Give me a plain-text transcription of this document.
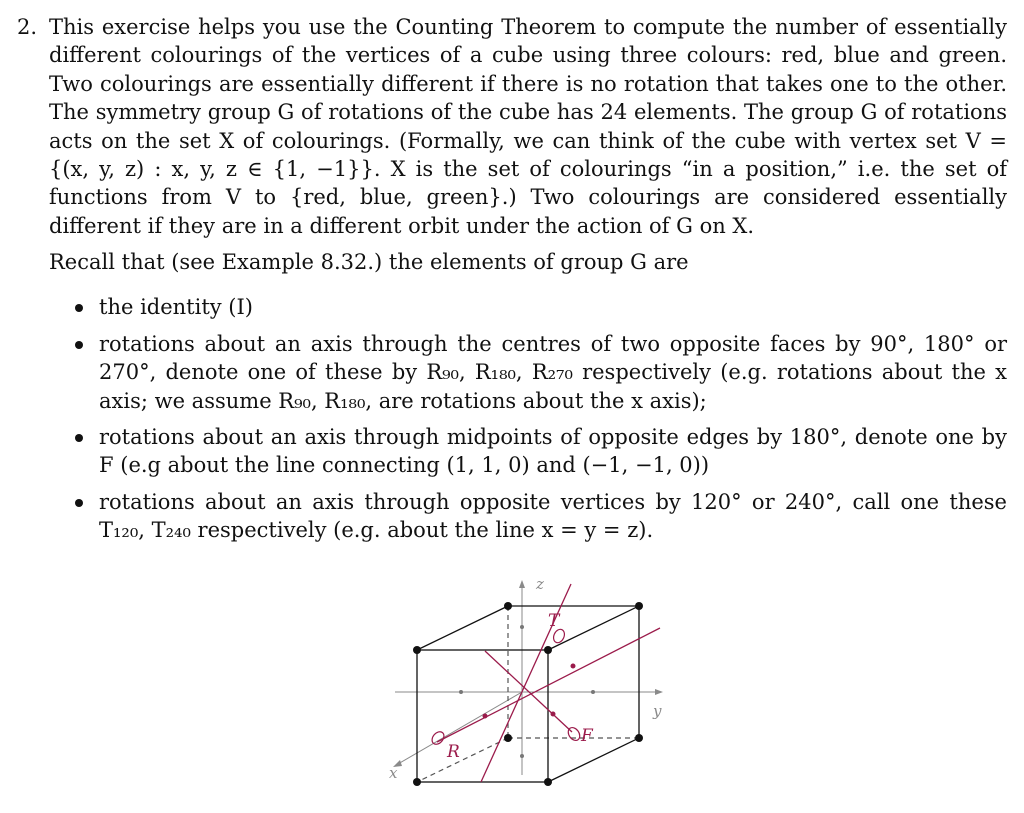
2. This exercise helps you use the Counting Theorem to compute the number of essentially different colourings of the vertices of a cube using three colours: red, blue and green. Two colourings are essentially different if there is no rotation that takes one to the other. The symmetry group G of rotations of the cube has 24 elements. The group G of rotations acts on the set X of colourings. (Formally, we can think of the cube with vertex set V = {(x, y, z) : x, y, z ∈ {1, −1}}. X is the set of colourings “in a position,” i.e. the set of functions from V to {red, blue, green}.) Two colourings are considered essentially different if they are in a different orbit under the action of G on X.
Recall that (see Example 8.32.) the elements of group G are
the identity (I)
rotations about an axis through the centres of two opposite faces by 90°, 180° or 270°, denote one of these by R₉₀, R₁₈₀, R₂₇₀ respectively (e.g. rotations about the x axis; we assume R₉₀, R₁₈₀, are rotations about the x axis);
rotations about an axis through midpoints of opposite edges by 180°, denote one by F (e.g about the line connecting (1, 1, 0) and (−1, −1, 0))
rotations about an axis through opposite vertices by 120° or 240°, call one these T₁₂₀, T₂₄₀ respectively (e.g. about the line x = y = z).
T
R
F
z
y
x
